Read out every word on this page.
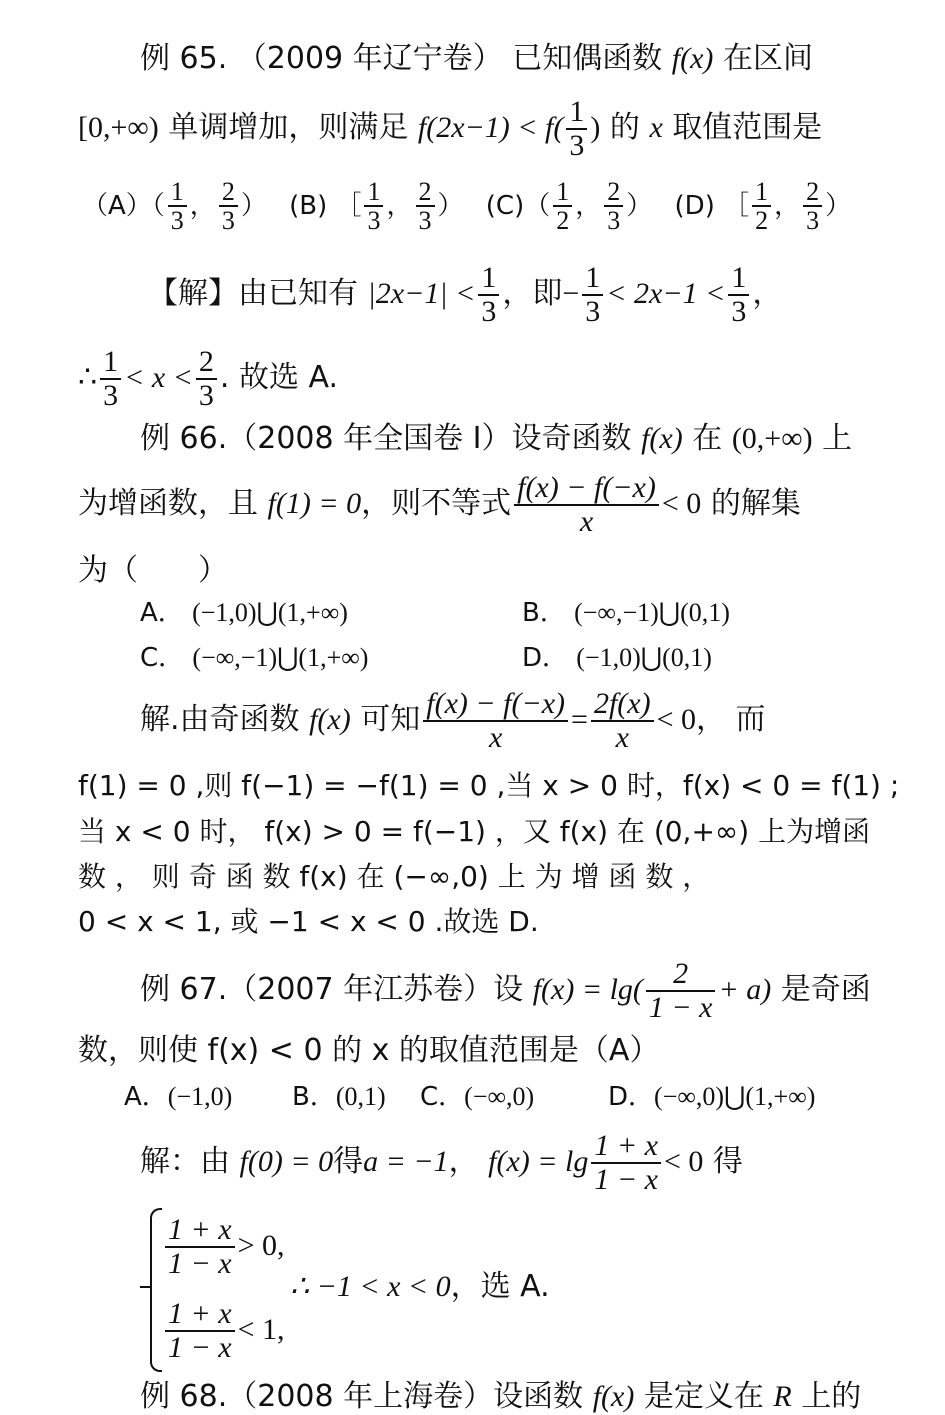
例 65. （2009 年辽宁卷） 已知偶函数 f(x) 在区间
[0,+∞) 单调增加，则满足 $f(2x-1) < f( \frac{1}{3}$ ) 的 x 取值范围是
$(A)( \frac{1}{3}$ ， $\frac{2}{3}$ ） (B) ［ $\frac{1}{3}$ ， $\frac{2}{3}$ ） $(C)( \frac{1}{2}$ ， $\frac{2}{3}$ ） (D) ［ $\frac{1}{2}$ ， $\frac{2}{3}$ ）
【解】由已知有 $|2x-1| < \frac{1}{3}$ ，即− $\frac{1}{3} < 2x-1 < \frac{1}{3}$ ，
∴ $\frac{1}{3} < x < \frac{2}{3}$ . 故选 A.
例 66.（2008 年全国卷 I）设奇函数 f(x) 在 (0,+∞) 上
为增函数，且 f(1) = 0，则不等式 $\frac{f(x) - f(-x)}{x} < 0$ 的解集
为（　　）
A． (−1,0)⋃(1,+∞)	B． (−∞,−1)⋃(0,1)
C． (−∞,−1)⋃(1,+∞)	D． (−1,0)⋃(0,1)
解.由奇函数 f(x) 可知 $\frac{f(x) - f(-x)}{x} = \frac{2f(x)}{x} < 0$， 而
f(1) = 0 ,则 f(−1) = −f(1) = 0 ,当 x > 0 时，f(x) < 0 = f(1) ;
当 x < 0 时， f(x) > 0 = f(−1) ，又 f(x) 在 (0,+∞) 上为增函
数 ， 则 奇 函 数 f(x) 在 (−∞,0) 上 为 增 函 数 ，
0 < x < 1, 或 −1 < x < 0 .故选 D.
例 67.（2007 年江苏卷）设 $f(x) = \lg( \frac{2}{1 - x} + a)$ 是奇函
数，则使 f(x) < 0 的 x 的取值范围是（A）
A．(−1,0) B．(0,1) C．(−∞,0)	D．(−∞,0)⋃(1,+∞)
解：由 f(0) = 0得a = −1， $f(x) = \lg \frac{1 + x}{1 - x} < 0$ 得
$\frac{1 + x}{1 - x} > 0$,
$\frac{1 + x}{1 - x} < 1$,
∴ −1 < x < 0，选 A.
例 68.（2008 年上海卷）设函数 f(x) 是定义在 R 上的
